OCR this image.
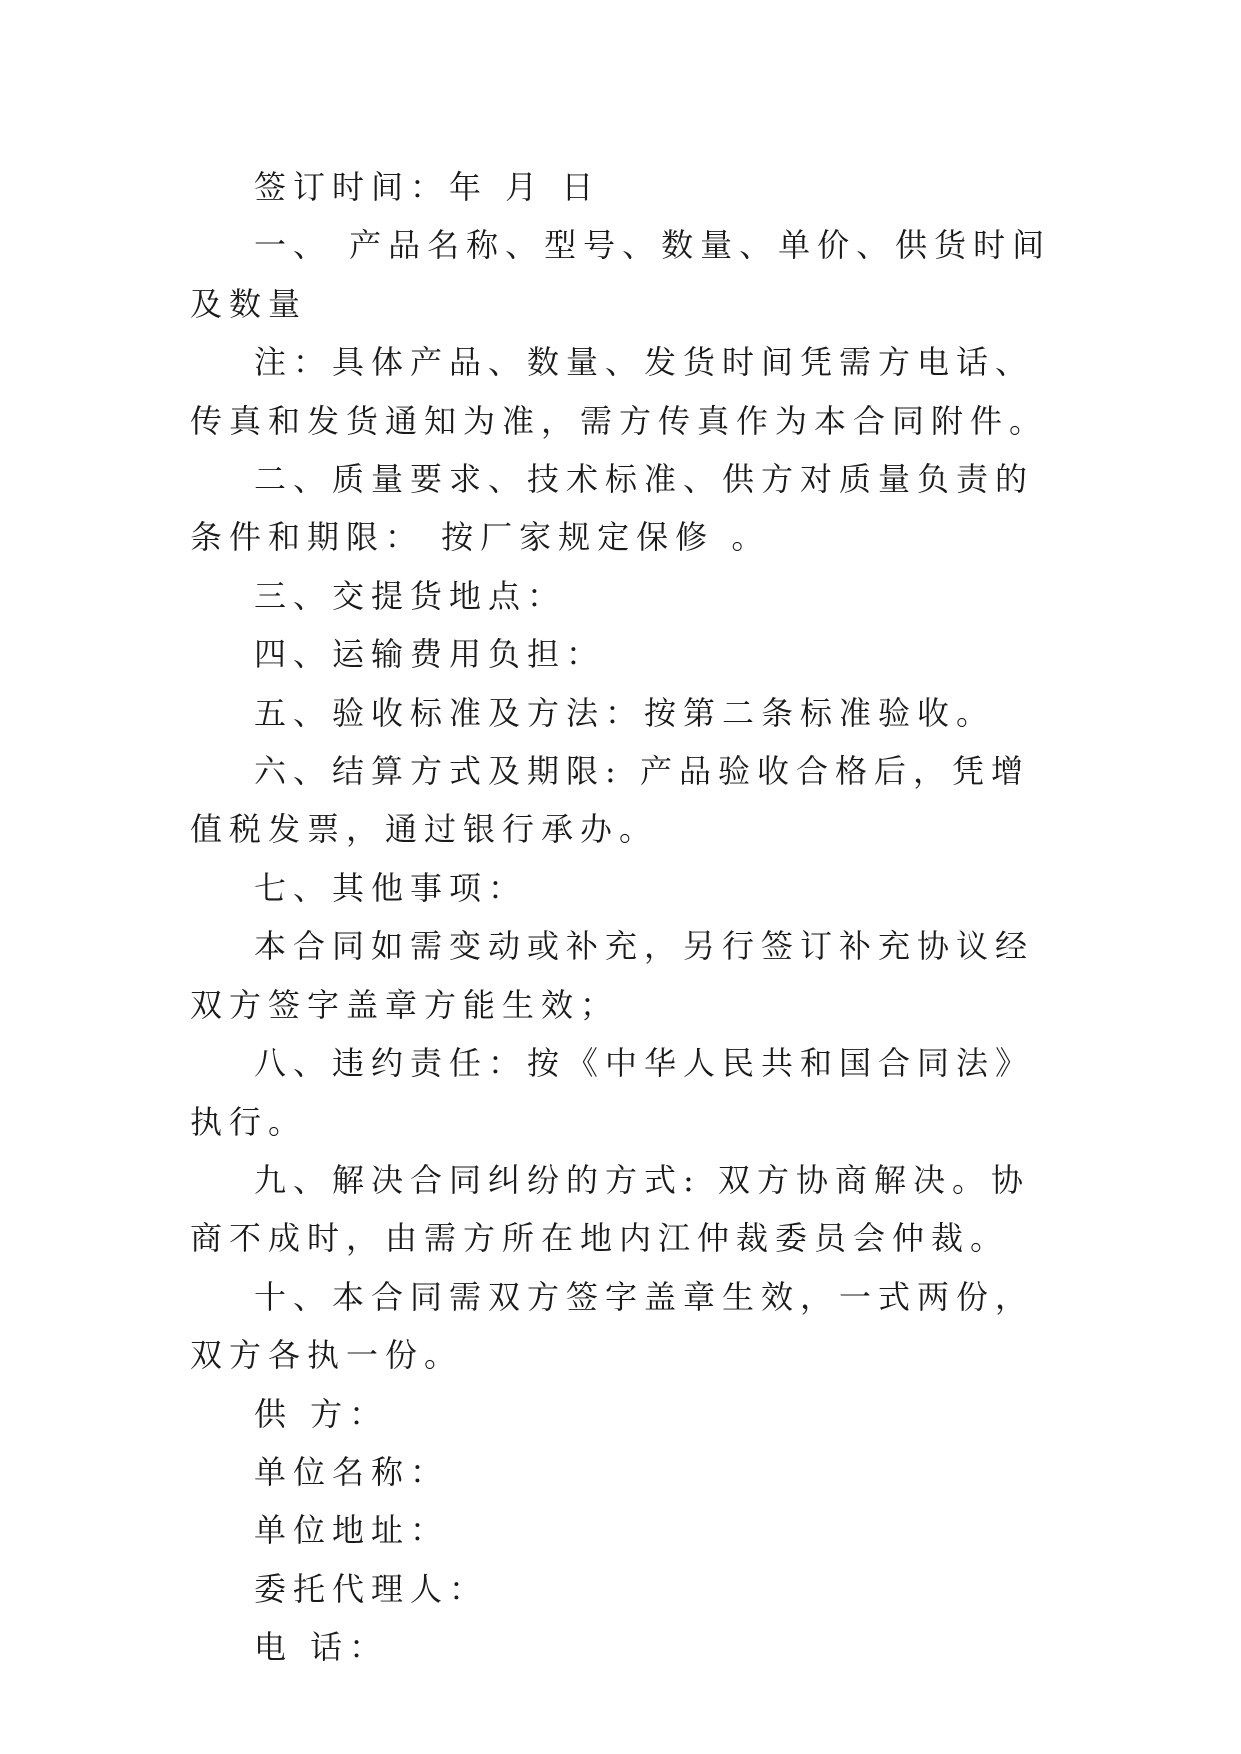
签订时间：年 月 日

一、 产品名称、型号、数量、单价、供货时间及数量

注：具体产品、数量、发货时间凭需方电话、传真和发货通知为准，需方传真作为本合同附件。

二、质量要求、技术标准、供方对质量负责的条件和期限： 按厂家规定保修 。

三、交提货地点：

四、运输费用负担：

五、验收标准及方法：按第二条标准验收。

六、结算方式及期限: 产品验收合格后，凭增值税发票，通过银行承办。

七、其他事项：

本合同如需变动或补充，另行签订补充协议经双方签字盖章方能生效；

八、违约责任：按《中华人民共和国合同法》执行。

九、解决合同纠纷的方式: 双方协商解决。协商不成时，由需方所在地内江仲裁委员会仲裁。

十、本合同需双方签字盖章生效，一式两份，双方各执一份。

供 方：

单位名称：

单位地址：

委托代理人：

电 话：
